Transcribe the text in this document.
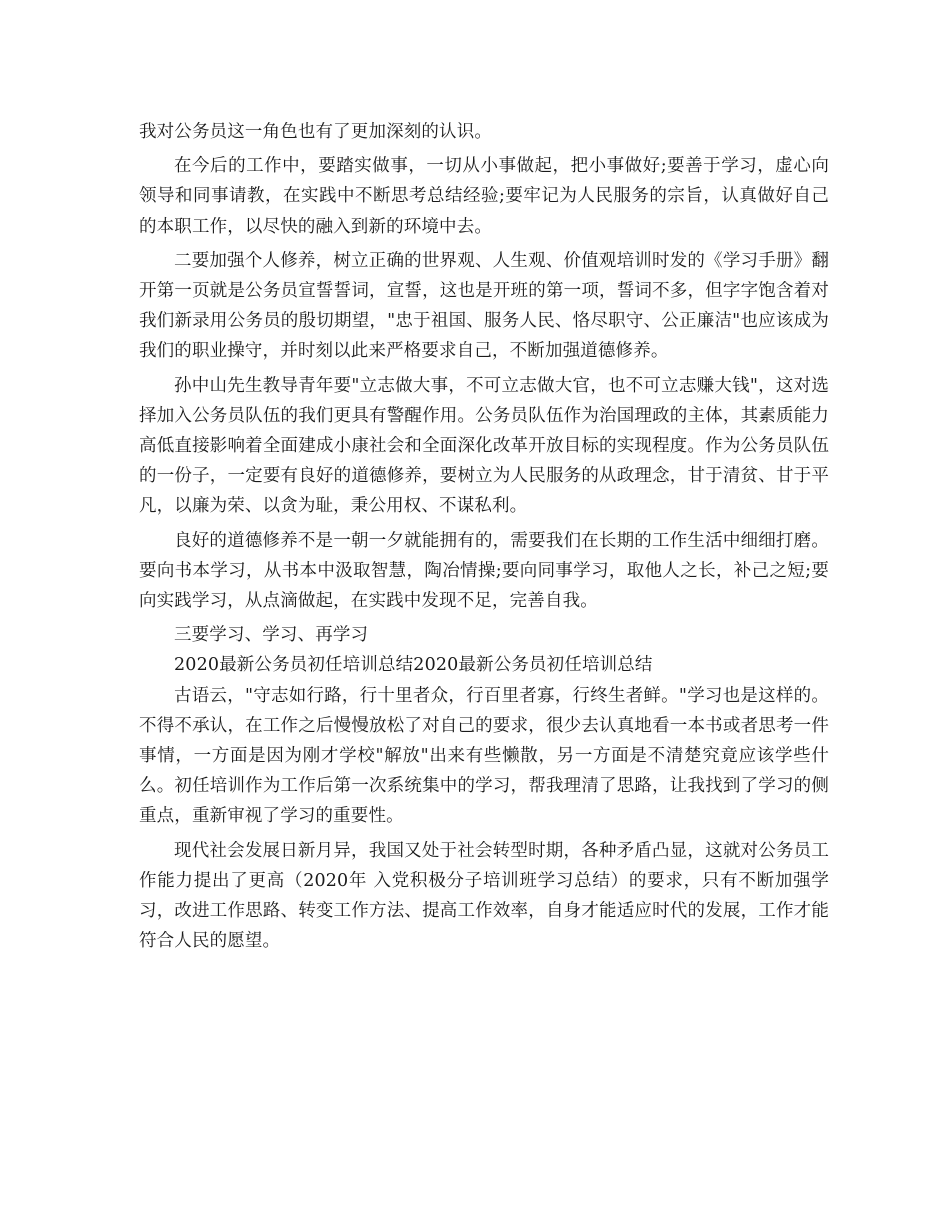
我对公务员这一角色也有了更加深刻的认识。

在今后的工作中，要踏实做事，一切从小事做起，把小事做好;要善于学习，虚心向领导和同事请教，在实践中不断思考总结经验;要牢记为人民服务的宗旨，认真做好自己的本职工作，以尽快的融入到新的环境中去。

二要加强个人修养，树立正确的世界观、人生观、价值观培训时发的《学习手册》翻开第一页就是公务员宣誓誓词，宣誓，这也是开班的第一项，誓词不多，但字字饱含着对我们新录用公务员的殷切期望，"忠于祖国、服务人民、恪尽职守、公正廉洁"也应该成为我们的职业操守，并时刻以此来严格要求自己，不断加强道德修养。

孙中山先生教导青年要"立志做大事，不可立志做大官，也不可立志赚大钱"，这对选择加入公务员队伍的我们更具有警醒作用。公务员队伍作为治国理政的主体，其素质能力高低直接影响着全面建成小康社会和全面深化改革开放目标的实现程度。作为公务员队伍的一份子，一定要有良好的道德修养，要树立为人民服务的从政理念，甘于清贫、甘于平凡，以廉为荣、以贪为耻，秉公用权、不谋私利。

良好的道德修养不是一朝一夕就能拥有的，需要我们在长期的工作生活中细细打磨。要向书本学习，从书本中汲取智慧，陶冶情操;要向同事学习，取他人之长，补己之短;要向实践学习，从点滴做起，在实践中发现不足，完善自我。

三要学习、学习、再学习

2020最新公务员初任培训总结2020最新公务员初任培训总结

古语云，"守志如行路，行十里者众，行百里者寡，行终生者鲜。"学习也是这样的。不得不承认，在工作之后慢慢放松了对自己的要求，很少去认真地看一本书或者思考一件事情，一方面是因为刚才学校"解放"出来有些懒散，另一方面是不清楚究竟应该学些什么。初任培训作为工作后第一次系统集中的学习，帮我理清了思路，让我找到了学习的侧重点，重新审视了学习的重要性。

现代社会发展日新月异，我国又处于社会转型时期，各种矛盾凸显，这就对公务员工作能力提出了更高（2020年 入党积极分子培训班学习总结）的要求，只有不断加强学习，改进工作思路、转变工作方法、提高工作效率，自身才能适应时代的发展，工作才能符合人民的愿望。
